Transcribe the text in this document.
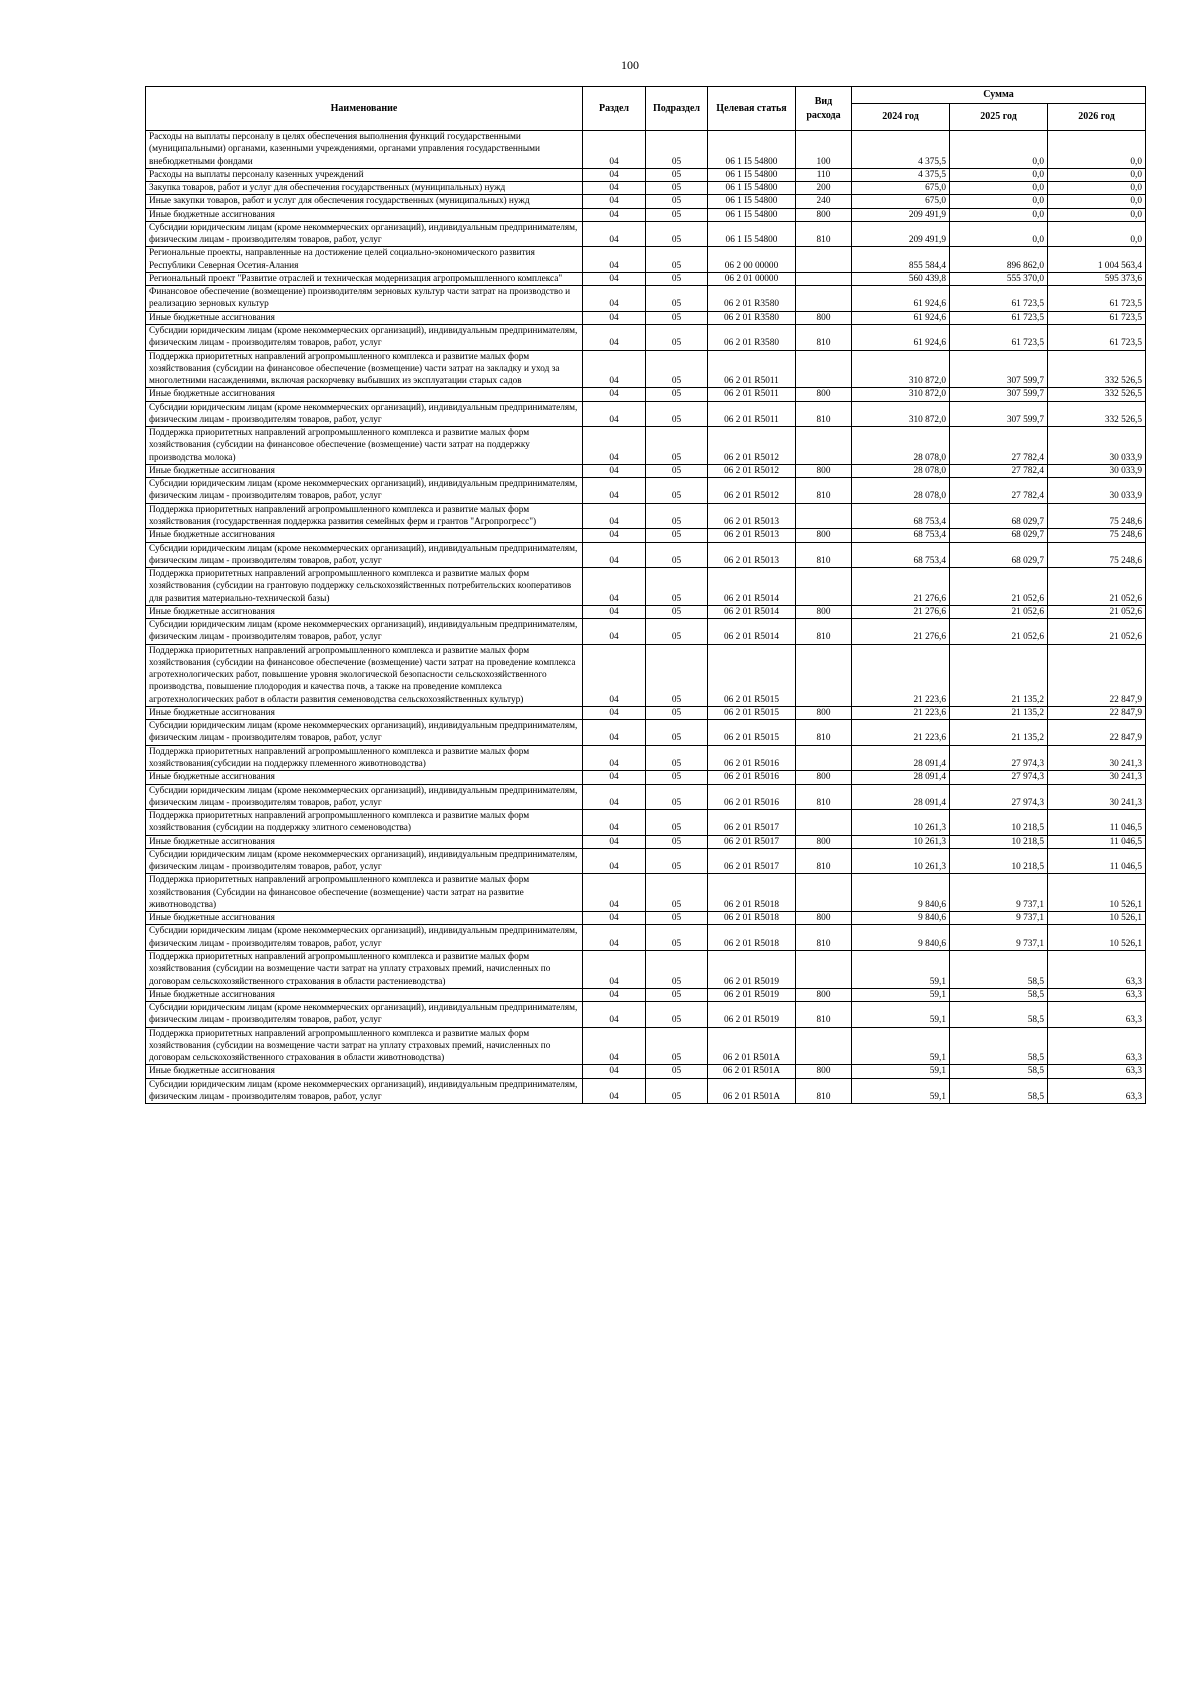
100
Наименование	Раздел	Подраздел	Целевая статья	Вид расхода	Сумма		
					2024 год	2025 год	2026 год
Расходы на выплаты персоналу в целях обеспечения выполнения функций государственными (муниципальными) органами, казенными учреждениями, органами управления государственными внебюджетными фондами	04	05	06 1 I5 54800	100	4 375,5	0,0	0,0
Расходы на выплаты персоналу казенных учреждений	04	05	06 1 I5 54800	110	4 375,5	0,0	0,0
Закупка товаров, работ и услуг для обеспечения государственных (муниципальных) нужд	04	05	06 1 I5 54800	200	675,0	0,0	0,0
Иные закупки товаров, работ и услуг для обеспечения государственных (муниципальных) нужд	04	05	06 1 I5 54800	240	675,0	0,0	0,0
Иные бюджетные ассигнования	04	05	06 1 I5 54800	800	209 491,9	0,0	0,0
Субсидии юридическим лицам (кроме некоммерческих организаций), индивидуальным предпринимателям, физическим лицам - производителям товаров, работ, услуг	04	05	06 1 I5 54800	810	209 491,9	0,0	0,0
Региональные проекты, направленные на достижение целей социально-экономического развития Республики Северная Осетия-Алания	04	05	06 2 00 00000		855 584,4	896 862,0	1 004 563,4
Региональный проект "Развитие отраслей и техническая модернизация агропромышленного комплекса"	04	05	06 2 01 00000		560 439,8	555 370,0	595 373,6
Финансовое обеспечение (возмещение) производителям зерновых культур части затрат на производство и реализацию зерновых культур	04	05	06 2 01 R3580		61 924,6	61 723,5	61 723,5
Иные бюджетные ассигнования	04	05	06 2 01 R3580	800	61 924,6	61 723,5	61 723,5
Субсидии юридическим лицам (кроме некоммерческих организаций), индивидуальным предпринимателям, физическим лицам - производителям товаров, работ, услуг	04	05	06 2 01 R3580	810	61 924,6	61 723,5	61 723,5
Поддержка приоритетных направлений агропромышленного комплекса и развитие малых форм хозяйствования (субсидии на финансовое обеспечение (возмещение) части затрат на закладку и уход за многолетними насаждениями, включая раскорчевку выбывших из эксплуатации старых садов	04	05	06 2 01 R5011		310 872,0	307 599,7	332 526,5
Иные бюджетные ассигнования	04	05	06 2 01 R5011	800	310 872,0	307 599,7	332 526,5
Субсидии юридическим лицам (кроме некоммерческих организаций), индивидуальным предпринимателям, физическим лицам - производителям товаров, работ, услуг	04	05	06 2 01 R5011	810	310 872,0	307 599,7	332 526,5
Поддержка приоритетных направлений агропромышленного комплекса и развитие малых форм хозяйствования (субсидии на финансовое обеспечение (возмещение) части затрат на поддержку производства молока)	04	05	06 2 01 R5012		28 078,0	27 782,4	30 033,9
Иные бюджетные ассигнования	04	05	06 2 01 R5012	800	28 078,0	27 782,4	30 033,9
Субсидии юридическим лицам (кроме некоммерческих организаций), индивидуальным предпринимателям, физическим лицам - производителям товаров, работ, услуг	04	05	06 2 01 R5012	810	28 078,0	27 782,4	30 033,9
Поддержка приоритетных направлений агропромышленного комплекса и развитие малых форм хозяйствования (государственная поддержка развития семейных ферм и грантов "Агропрогресс")	04	05	06 2 01 R5013		68 753,4	68 029,7	75 248,6
Иные бюджетные ассигнования	04	05	06 2 01 R5013	800	68 753,4	68 029,7	75 248,6
Субсидии юридическим лицам (кроме некоммерческих организаций), индивидуальным предпринимателям, физическим лицам - производителям товаров, работ, услуг	04	05	06 2 01 R5013	810	68 753,4	68 029,7	75 248,6
Поддержка приоритетных направлений агропромышленного комплекса и развитие малых форм хозяйствования (субсидии на грантовую поддержку сельскохозяйственных потребительских кооперативов для развития материально-технической базы)	04	05	06 2 01 R5014		21 276,6	21 052,6	21 052,6
Иные бюджетные ассигнования	04	05	06 2 01 R5014	800	21 276,6	21 052,6	21 052,6
Субсидии юридическим лицам (кроме некоммерческих организаций), индивидуальным предпринимателям, физическим лицам - производителям товаров, работ, услуг	04	05	06 2 01 R5014	810	21 276,6	21 052,6	21 052,6
Поддержка приоритетных направлений агропромышленного комплекса и развитие малых форм хозяйствования (субсидии на финансовое обеспечение (возмещение) части затрат на проведение комплекса агротехнологических работ, повышение уровня экологической безопасности сельскохозяйственного производства, повышение плодородия и качества почв, а также на проведение комплекса агротехнологических работ в области развития семеноводства сельскохозяйственных культур)	04	05	06 2 01 R5015		21 223,6	21 135,2	22 847,9
Иные бюджетные ассигнования	04	05	06 2 01 R5015	800	21 223,6	21 135,2	22 847,9
Субсидии юридическим лицам (кроме некоммерческих организаций), индивидуальным предпринимателям, физическим лицам - производителям товаров, работ, услуг	04	05	06 2 01 R5015	810	21 223,6	21 135,2	22 847,9
Поддержка приоритетных направлений агропромышленного комплекса и развитие малых форм хозяйствования(субсидии на поддержку племенного животноводства)	04	05	06 2 01 R5016		28 091,4	27 974,3	30 241,3
Иные бюджетные ассигнования	04	05	06 2 01 R5016	800	28 091,4	27 974,3	30 241,3
Субсидии юридическим лицам (кроме некоммерческих организаций), индивидуальным предпринимателям, физическим лицам - производителям товаров, работ, услуг	04	05	06 2 01 R5016	810	28 091,4	27 974,3	30 241,3
Поддержка приоритетных направлений агропромышленного комплекса и развитие малых форм хозяйствования (субсидии на поддержку элитного семеноводства)	04	05	06 2 01 R5017		10 261,3	10 218,5	11 046,5
Иные бюджетные ассигнования	04	05	06 2 01 R5017	800	10 261,3	10 218,5	11 046,5
Субсидии юридическим лицам (кроме некоммерческих организаций), индивидуальным предпринимателям, физическим лицам - производителям товаров, работ, услуг	04	05	06 2 01 R5017	810	10 261,3	10 218,5	11 046,5
Поддержка приоритетных направлений агропромышленного комплекса и развитие малых форм хозяйствования (Субсидии на финансовое обеспечение (возмещение) части затрат на развитие животноводства)	04	05	06 2 01 R5018		9 840,6	9 737,1	10 526,1
Иные бюджетные ассигнования	04	05	06 2 01 R5018	800	9 840,6	9 737,1	10 526,1
Субсидии юридическим лицам (кроме некоммерческих организаций), индивидуальным предпринимателям, физическим лицам - производителям товаров, работ, услуг	04	05	06 2 01 R5018	810	9 840,6	9 737,1	10 526,1
Поддержка приоритетных направлений агропромышленного комплекса и развитие малых форм хозяйствования (субсидии на возмещение части затрат на уплату страховых премий, начисленных по договорам сельскохозяйственного страхования в области растениеводства)	04	05	06 2 01 R5019		59,1	58,5	63,3
Иные бюджетные ассигнования	04	05	06 2 01 R5019	800	59,1	58,5	63,3
Субсидии юридическим лицам (кроме некоммерческих организаций), индивидуальным предпринимателям, физическим лицам - производителям товаров, работ, услуг	04	05	06 2 01 R5019	810	59,1	58,5	63,3
Поддержка приоритетных направлений агропромышленного комплекса и развитие малых форм хозяйствования (субсидии на возмещение части затрат на уплату страховых премий, начисленных по договорам сельскохозяйственного страхования в области животноводства)	04	05	06 2 01 R501A		59,1	58,5	63,3
Иные бюджетные ассигнования	04	05	06 2 01 R501A	800	59,1	58,5	63,3
Субсидии юридическим лицам (кроме некоммерческих организаций), индивидуальным предпринимателям, физическим лицам - производителям товаров, работ, услуг	04	05	06 2 01 R501A	810	59,1	58,5	63,3
